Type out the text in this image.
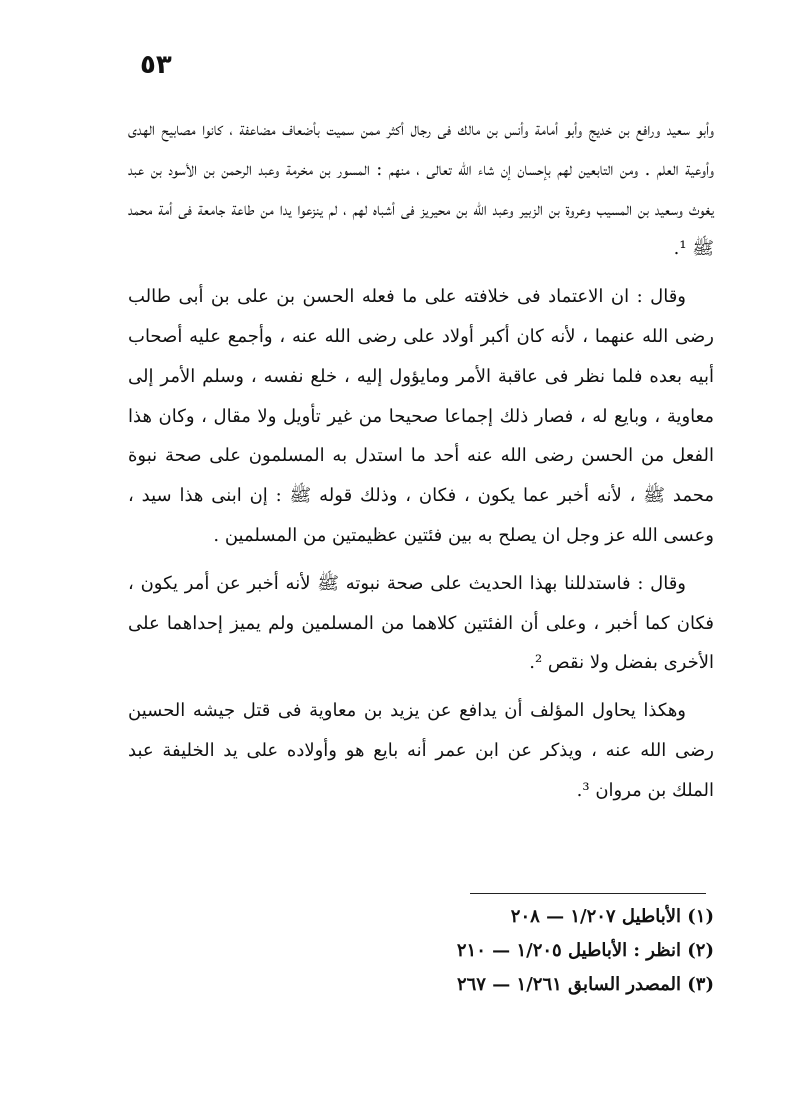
٥٣

وأبو سعيد ورافع بن خديج وأبو أمامة وأنس بن مالك فى رجال أكثر ممن سميت بأضعاف مضاعفة ، كانوا مصابيح الهدى وأوعية العلم . ومن التابعين لهم بإحسان إن شاء الله تعالى ، منهم : المسور بن مخرمة وعبد الرحمن بن الأسود بن عبد يغوث وسعيد بن المسيب وعروة بن الزبير وعبد الله بن محيريز فى أشباه لهم ، لم ينزعوا يدا من طاعة جامعة فى أمة محمد ﷺ ¹.

وقال : ان الاعتماد فى خلافته على ما فعله الحسن بن على بن أبى طالب رضى الله عنهما ، لأنه كان أكبر أولاد على رضى الله عنه ، وأجمع عليه أصحاب أبيه بعده فلما نظر فى عاقبة الأمر ومايؤول إليه ، خلع نفسه ، وسلم الأمر إلى معاوية ، وبايع له ، فصار ذلك إجماعا صحيحا من غير تأويل ولا مقال ، وكان هذا الفعل من الحسن رضى الله عنه أحد ما استدل به المسلمون على صحة نبوة محمد ﷺ ، لأنه أخبر عما يكون ، فكان ، وذلك قوله ﷺ : إن ابنى هذا سيد ، وعسى الله عز وجل ان يصلح به بين فئتين عظيمتين من المسلمين .

وقال : فاستدللنا بهذا الحديث على صحة نبوته ﷺ لأنه أخبر عن أمر يكون ، فكان كما أخبر ، وعلى أن الفئتين كلاهما من المسلمين ولم يميز إحداهما على الأخرى بفضل ولا نقص ².

وهكذا يحاول المؤلف أن يدافع عن يزيد بن معاوية فى قتل جيشه الحسين رضى الله عنه ، ويذكر عن ابن عمر أنه بايع هو وأولاده على يد الخليفة عبد الملك بن مروان ³.

(١) الأباطيل ١/٢٠٧ — ٢٠٨
(٢) انظر : الأباطيل ١/٢٠٥ — ٢١٠
(٣) المصدر السابق ١/٢٦١ — ٢٦٧
